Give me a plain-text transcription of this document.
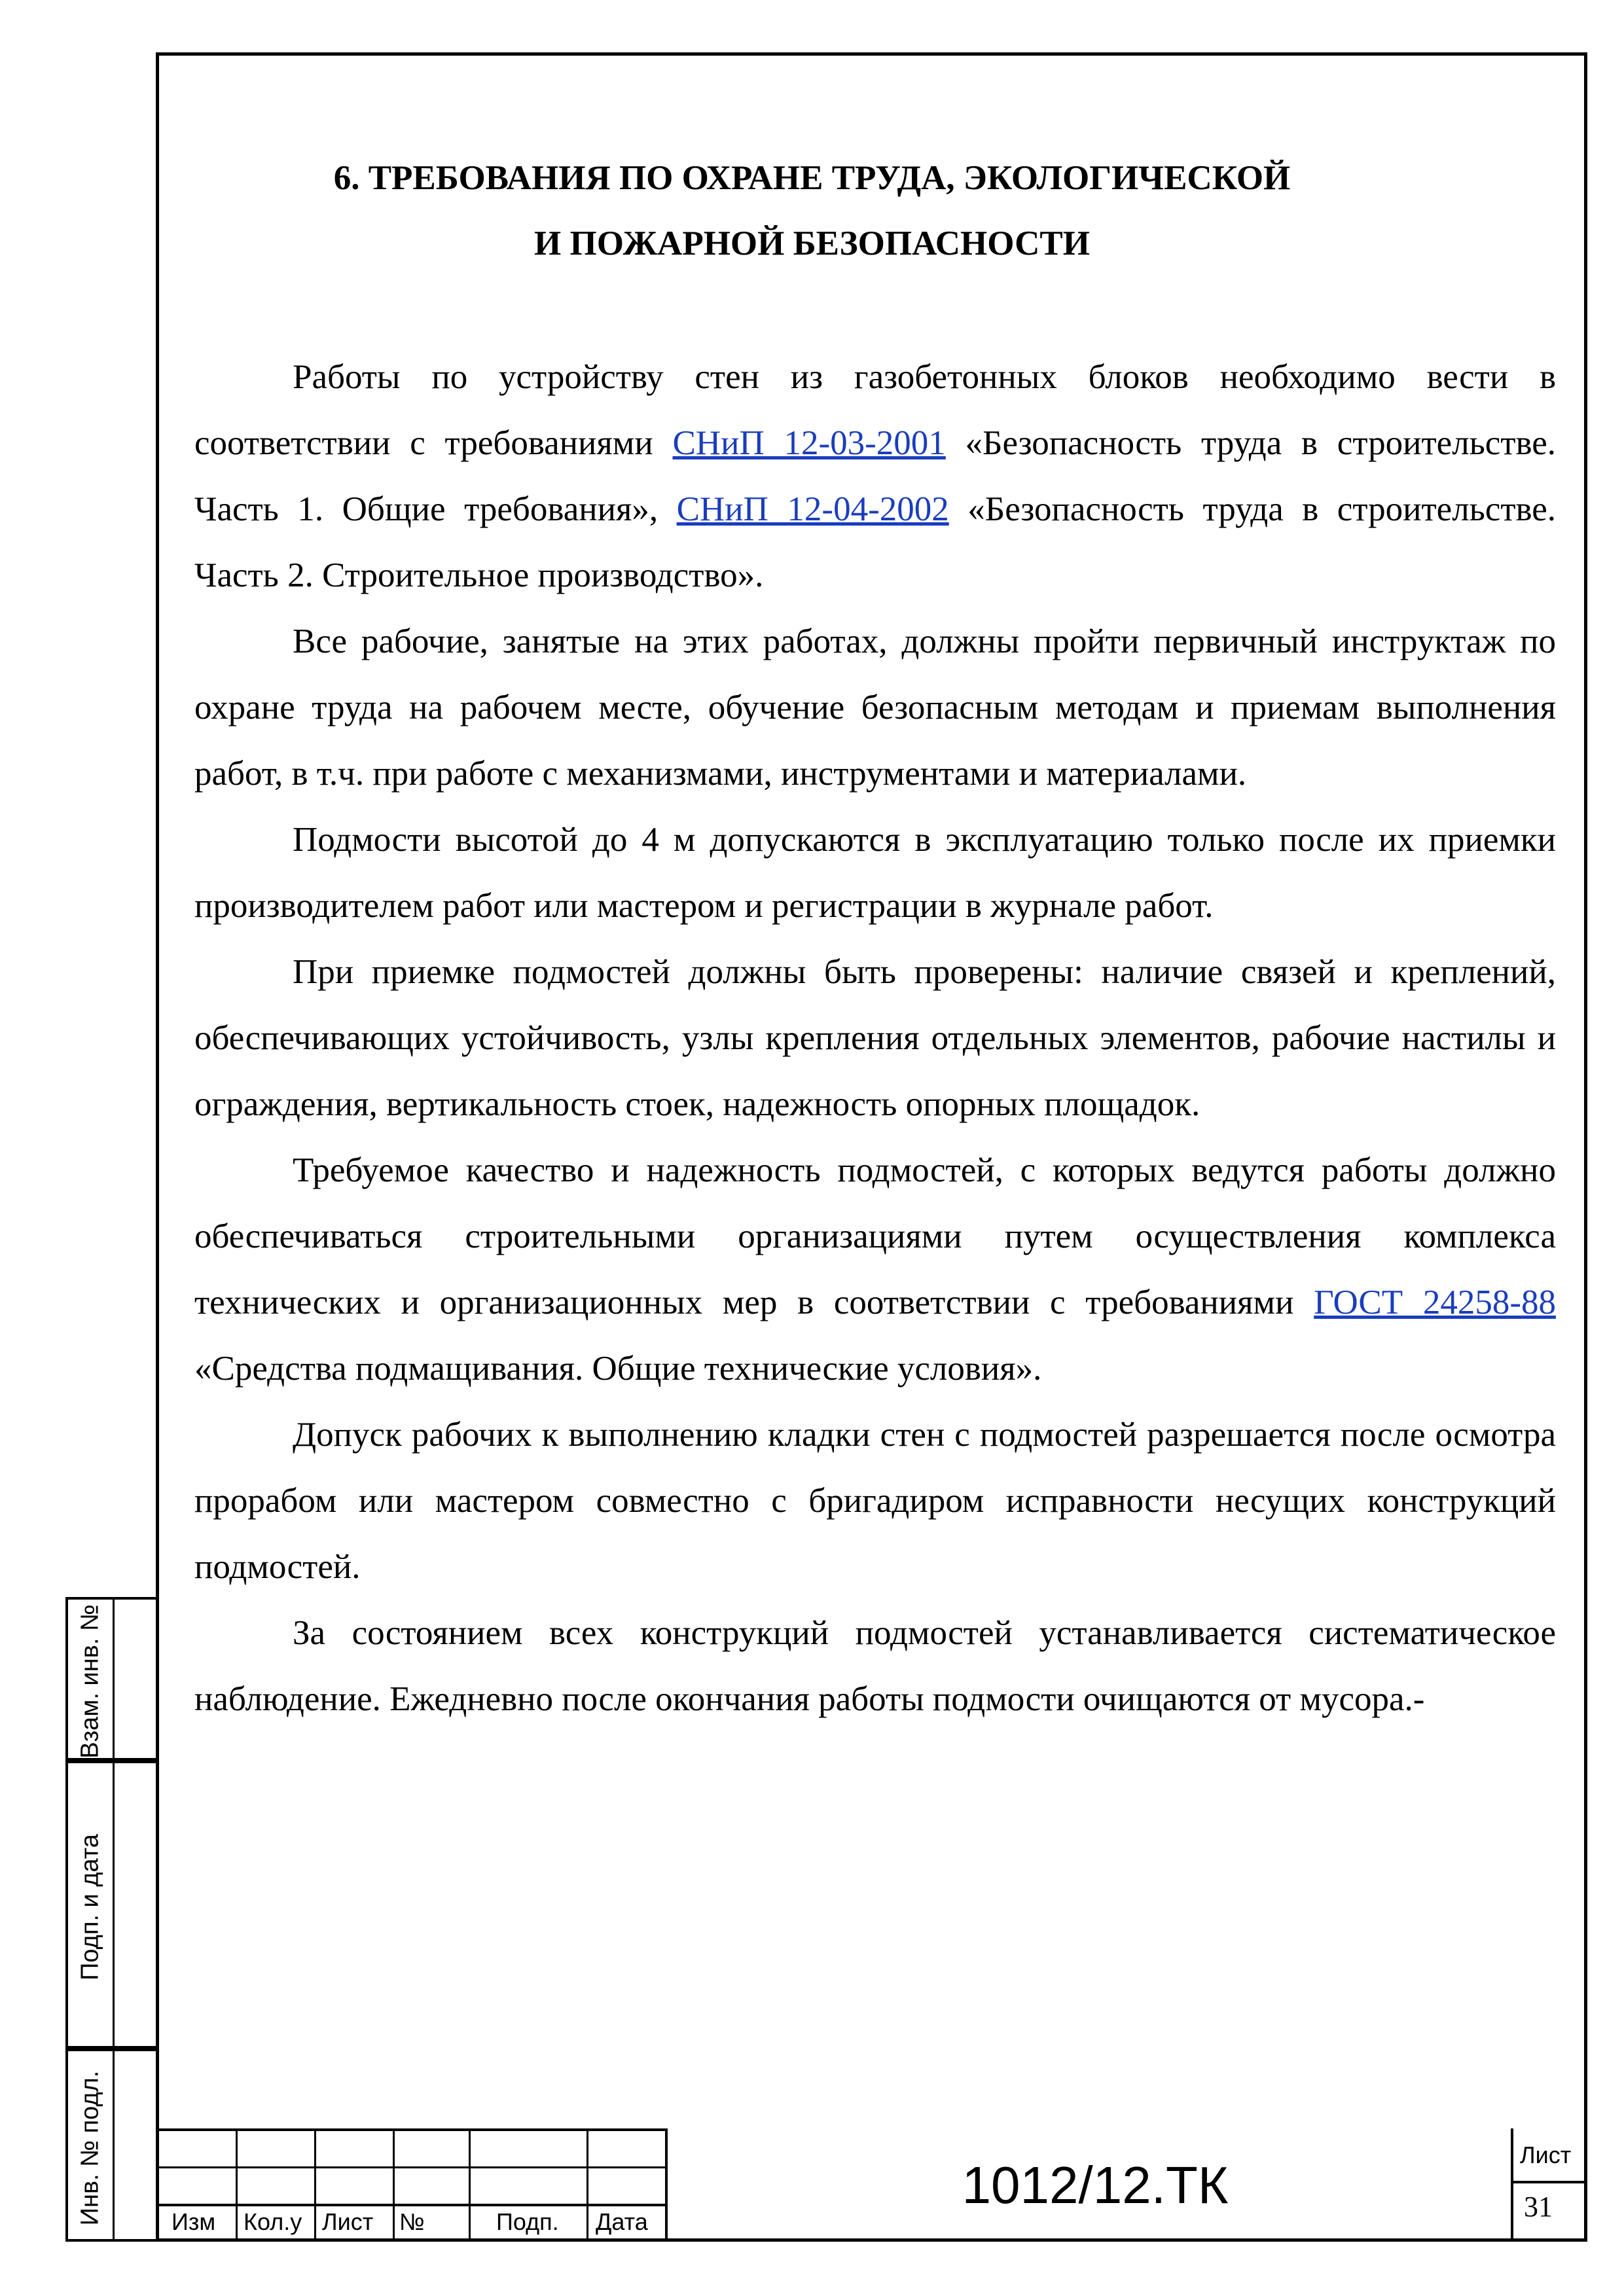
Взам. инв. №
Подп. и дата
Инв. № подл.
6. ТРЕБОВАНИЯ ПО ОХРАНЕ ТРУДА, ЭКОЛОГИЧЕСКОЙ
И ПОЖАРНОЙ БЕЗОПАСНОСТИ

Работы по устройству стен из газобетонных блоков необходимо вести в соответствии с требованиями СНиП 12-03-2001 «Безопасность труда в строительстве. Часть 1. Общие требования», СНиП 12-04-2002 «Безопасность труда в строительстве. Часть 2. Строительное производство».

Все рабочие, занятые на этих работах, должны пройти первичный инструктаж по охране труда на рабочем месте, обучение безопасным методам и приемам выполнения работ, в т.ч. при работе с механизмами, инструментами и материалами.

Подмости высотой до 4 м допускаются в эксплуатацию только после их приемки производителем работ или мастером и регистрации в журнале работ.

При приемке подмостей должны быть проверены: наличие связей и креплений, обеспечивающих устойчивость, узлы крепления отдельных элементов, рабочие настилы и ограждения, вертикальность стоек, надежность опорных площадок.

Требуемое качество и надежность подмостей, с которых ведутся работы должно обеспечиваться строительными организациями путем осуществления комплекса технических и организационных мер в соответствии с требованиями ГОСТ 24258-88 «Средства подмащивания. Общие технические условия».

Допуск рабочих к выполнению кладки стен с подмостей разрешается после осмотра прорабом или мастером совместно с бригадиром исправности несущих конструкций подмостей.

За состоянием всех конструкций подмостей устанавливается систематическое наблюдение. Ежедневно после окончания работы подмости очищаются от мусора.-

Изм Кол.у Лист №	Подп. Дата
Лист
31
1012/12.ТК
